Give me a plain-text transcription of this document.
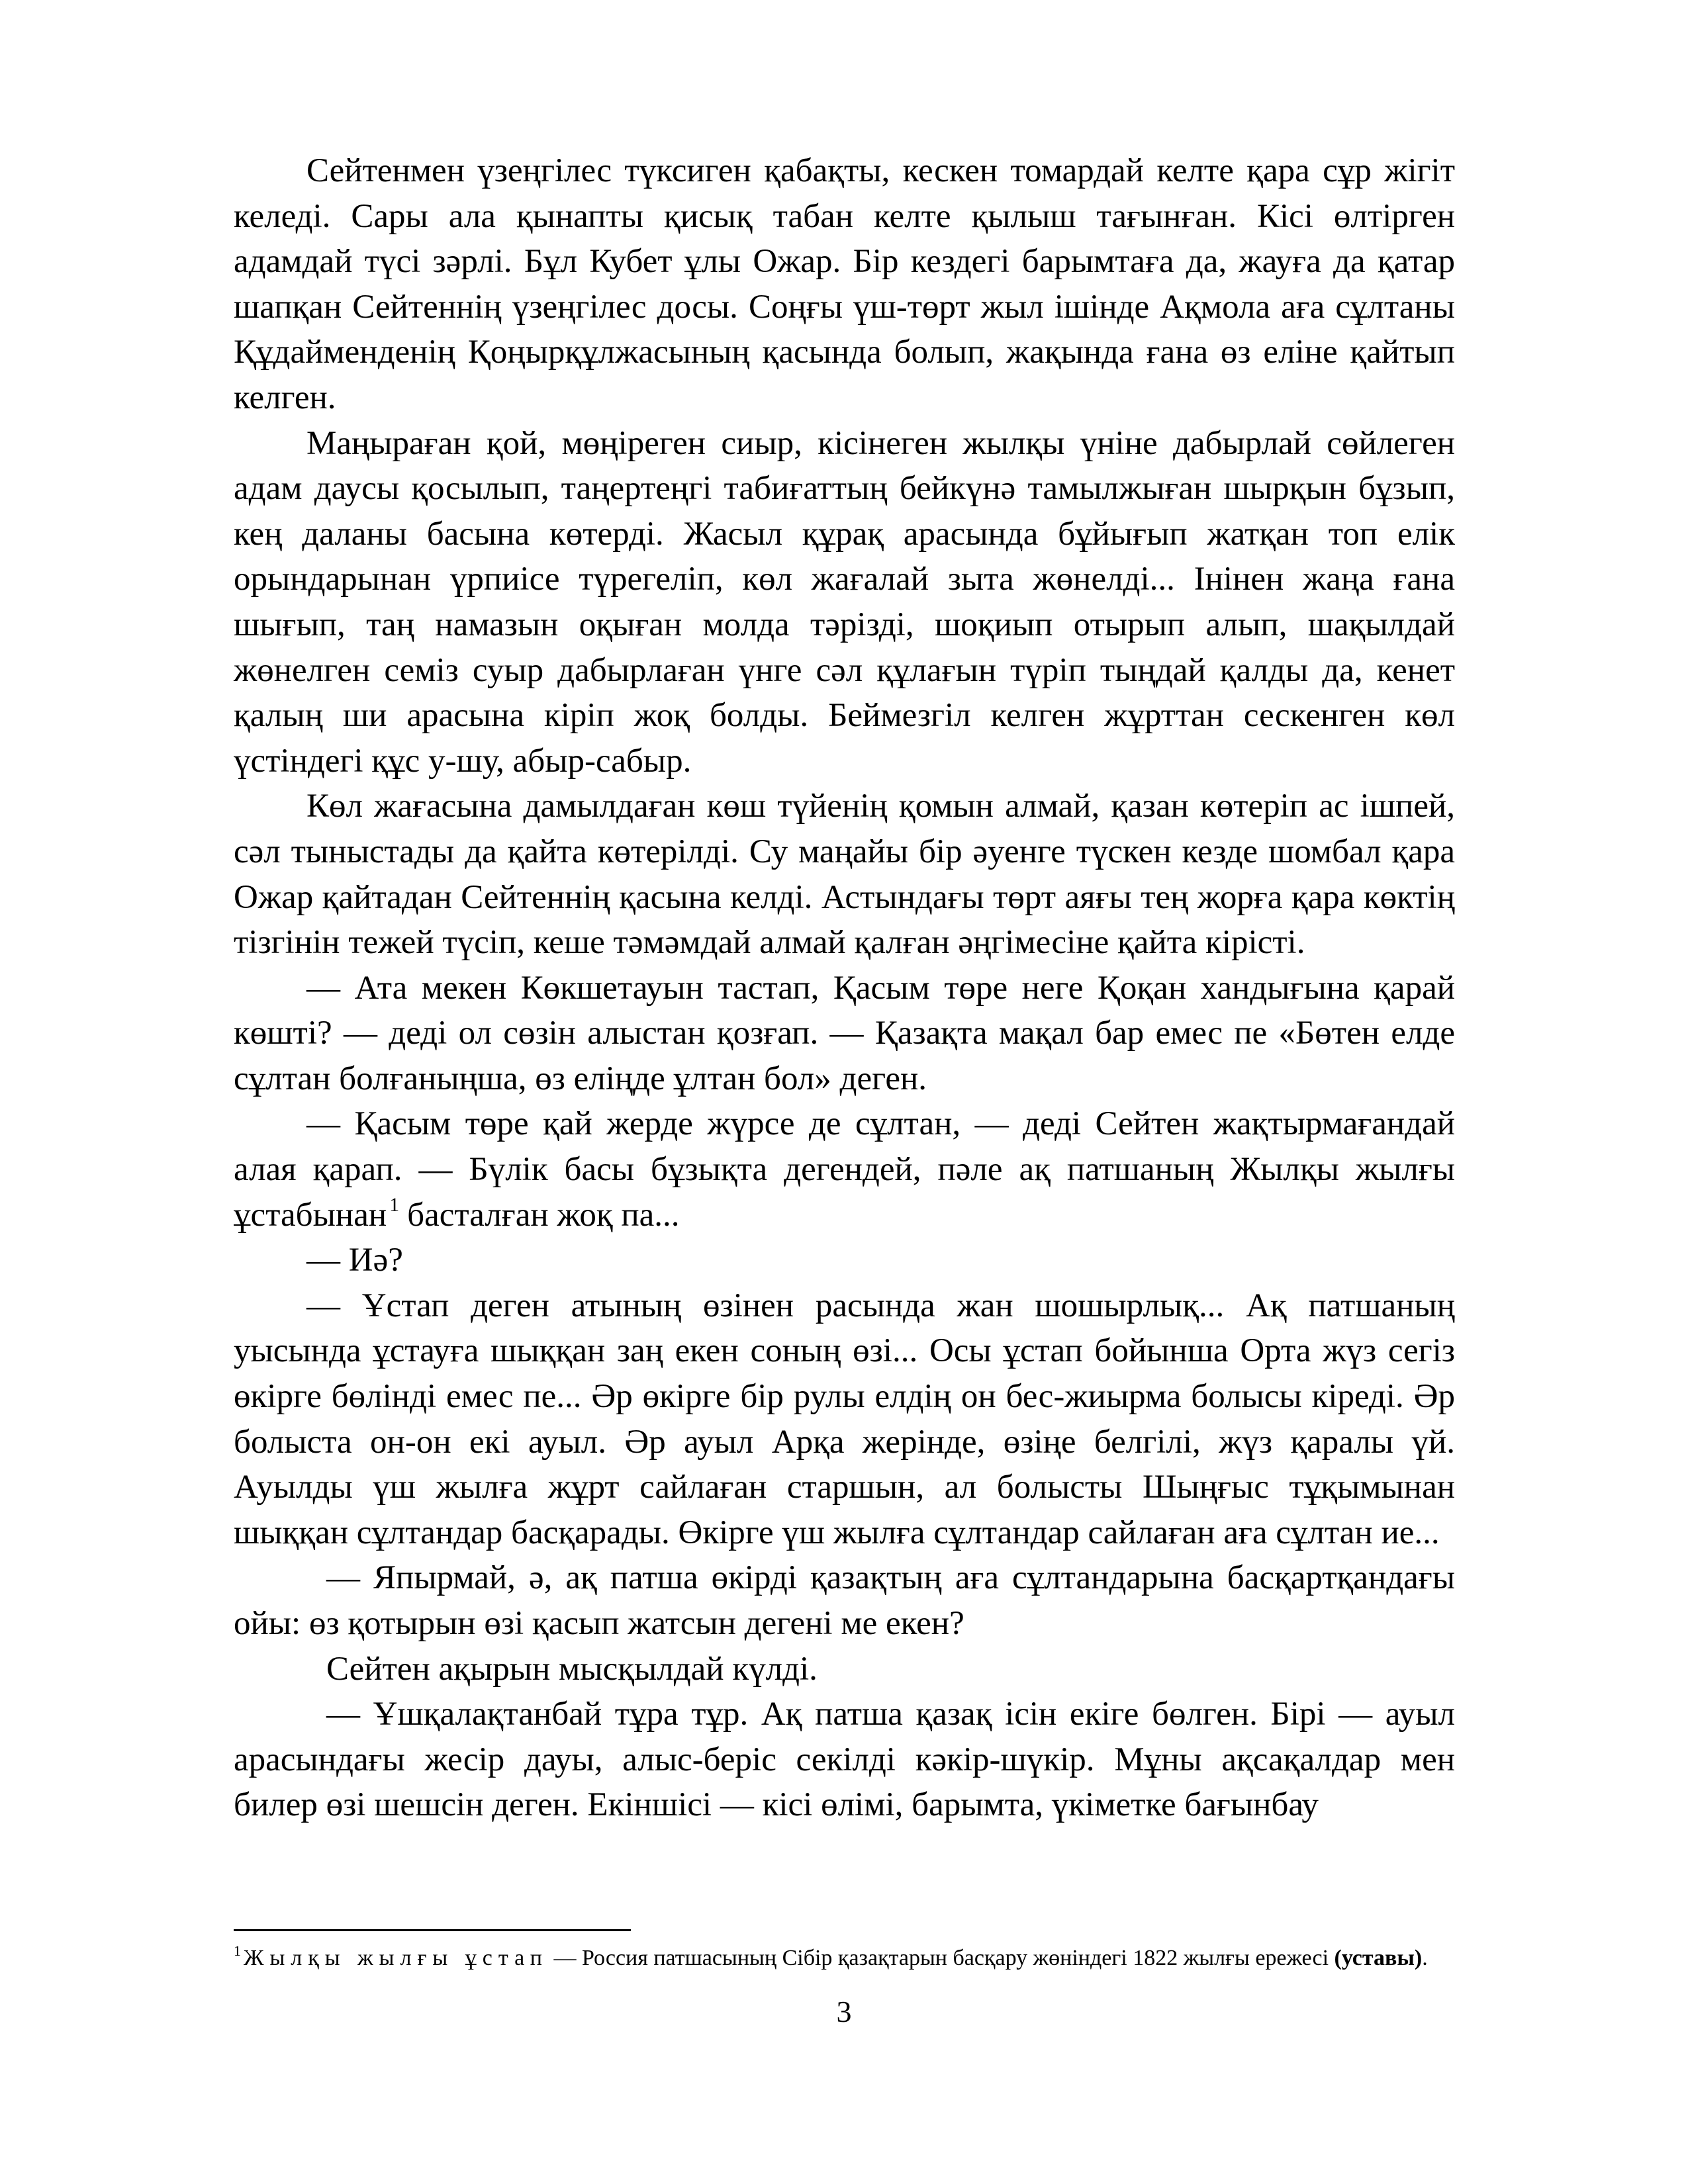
Сейтенмен үзеңгілес түксиген қабақты, кескен томардай келте қара сұр жігіт келеді. Сары ала қынапты қисық табан келте қылыш тағынған. Кісі өлтірген адамдай түсі зәрлі. Бұл Кубет ұлы Ожар. Бір кездегі барымтаға да, жауға да қатар шапқан Сейтеннің үзеңгілес досы. Соңғы үш-төрт жыл ішінде Ақмола аға сұлтаны Құдайменденің Қоңырқұлжасының қасында болып, жақында ғана өз еліне қайтып келген.

Маңыраған қой, мөңіреген сиыр, кісінеген жылқы үніне дабырлай сөйлеген адам даусы қосылып, таңертеңгі табиғаттың бейкүнә тамылжыған шырқын бұзып, кең даланы басына көтерді. Жасыл құрақ арасында бұйығып жатқан топ елік орындарынан үрпиісе түрегеліп, көл жағалай зыта жөнелді... Інінен жаңа ғана шығып, таң намазын оқыған молда тәрізді, шоқиып отырып алып, шақылдай жөнелген семіз суыр дабырлаған үнге сәл құлағын түріп тыңдай қалды да, кенет қалың ши арасына кіріп жоқ болды. Беймезгіл келген жұрттан сескенген көл үстіндегі құс у-шу, абыр-сабыр.

Көл жағасына дамылдаған көш түйенің қомын алмай, қазан көтеріп ас ішпей, сәл тыныстады да қайта көтерілді. Су маңайы бір әуенге түскен кезде шомбал қара Ожар қайтадан Сейтеннің қасына келді. Астындағы төрт аяғы тең жорға қара көктің тізгінін тежей түсіп, кеше тәмәмдай алмай қалған әңгімесіне қайта кірісті.

— Ата мекен Көкшетауын тастап, Қасым төре неге Қоқан хандығына қарай көшті? — деді ол сөзін алыстан қозғап. — Қазақта мақал бар емес пе «Бөтен елде сұлтан болғаныңша, өз еліңде ұлтан бол» деген.

— Қасым төре қай жерде жүрсе де сұлтан, — деді Сейтен жақтырмағандай алая қарап. — Бүлік басы бұзықта дегендей, пәле ақ патшаның Жылқы жылғы ұстабынан $^1$ басталған жоқ па...

— Иә?

— Ұстап деген атының өзінен расында жан шошырлық... Ақ патшаның уысында ұстауға шыққан заң екен соның өзі... Осы ұстап бойынша Орта жүз сегіз өкірге бөлінді емес пе... Әр өкірге бір рулы елдің он бес-жиырма болысы кіреді. Әр болыста он-он екі ауыл. Әр ауыл Арқа жерінде, өзіңе белгілі, жүз қаралы үй. Ауылды үш жылға жұрт сайлаған старшын, ал болысты Шыңғыс тұқымынан шыққан сұлтандар басқарады. Өкірге үш жылға сұлтандар сайлаған аға сұлтан ие...

— Япырмай, ә, ақ патша өкірді қазақтың аға сұлтандарына басқартқандағы ойы: өз қотырын өзі қасып жатсын дегені ме екен?

Сейтен ақырын мысқылдай күлді.

— Ұшқалақтанбай тұра тұр. Ақ патша қазақ ісін екіге бөлген. Бірі — ауыл арасындағы жесір дауы, алыс-беріс секілді кәкір-шүкір. Мұны ақсақалдар мен билер өзі шешсін деген. Екіншісі — кісі өлімі, барымта, үкіметке бағынбау

$^1$ Жылқы жылғы ұстап — Россия патшасының Сібір қазақтарын басқару жөніндегі 1822 жылғы ережесі (уставы).
3
